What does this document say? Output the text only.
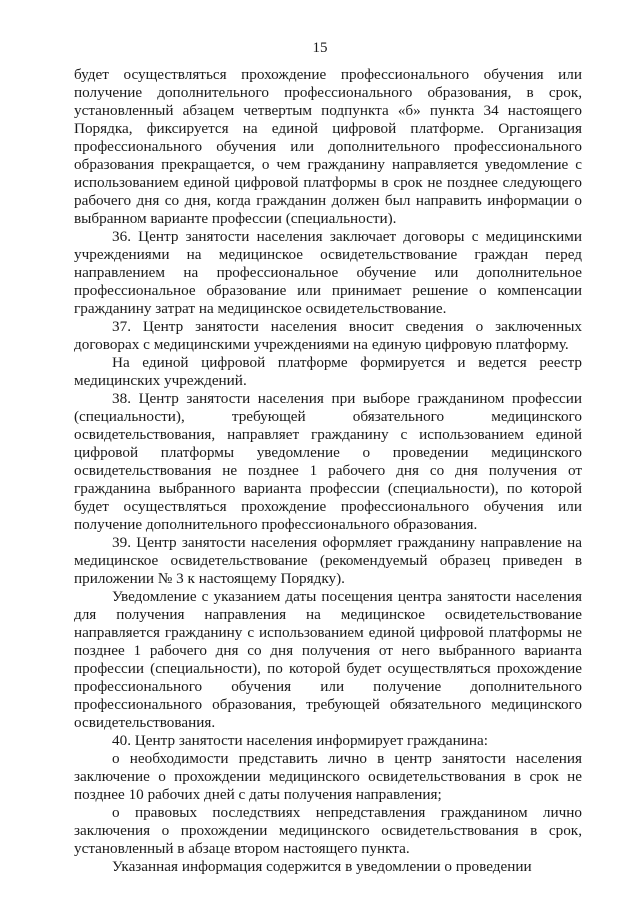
15

будет осуществляться прохождение профессионального обучения или получение дополнительного профессионального образования, в срок, установленный абзацем четвертым подпункта «б» пункта 34 настоящего Порядка, фиксируется на единой цифровой платформе. Организация профессионального обучения или дополнительного профессионального образования прекращается, о чем гражданину направляется уведомление с использованием единой цифровой платформы в срок не позднее следующего рабочего дня со дня, когда гражданин должен был направить информации о выбранном варианте профессии (специальности).

36. Центр занятости населения заключает договоры с медицинскими учреждениями на медицинское освидетельствование граждан перед направлением на профессиональное обучение или дополнительное профессиональное образование или принимает решение о компенсации гражданину затрат на медицинское освидетельствование.

37. Центр занятости населения вносит сведения о заключенных договорах с медицинскими учреждениями на единую цифровую платформу.

На единой цифровой платформе формируется и ведется реестр медицинских учреждений.

38. Центр занятости населения при выборе гражданином профессии (специальности), требующей обязательного медицинского освидетельствования, направляет гражданину с использованием единой цифровой платформы уведомление о проведении медицинского освидетельствования не позднее 1 рабочего дня со дня получения от гражданина выбранного варианта профессии (специальности), по которой будет осуществляться прохождение профессионального обучения или получение дополнительного профессионального образования.

39. Центр занятости населения оформляет гражданину направление на медицинское освидетельствование (рекомендуемый образец приведен в приложении № 3 к настоящему Порядку).

Уведомление с указанием даты посещения центра занятости населения для получения направления на медицинское освидетельствование направляется гражданину с использованием единой цифровой платформы не позднее 1 рабочего дня со дня получения от него выбранного варианта профессии (специальности), по которой будет осуществляться прохождение профессионального обучения или получение дополнительного профессионального образования, требующей обязательного медицинского освидетельствования.

40. Центр занятости населения информирует гражданина:

о необходимости представить лично в центр занятости населения заключение о прохождении медицинского освидетельствования в срок не позднее 10 рабочих дней с даты получения направления;

о правовых последствиях непредставления гражданином лично заключения о прохождении медицинского освидетельствования в срок, установленный в абзаце втором настоящего пункта.

Указанная информация содержится в уведомлении о проведении
